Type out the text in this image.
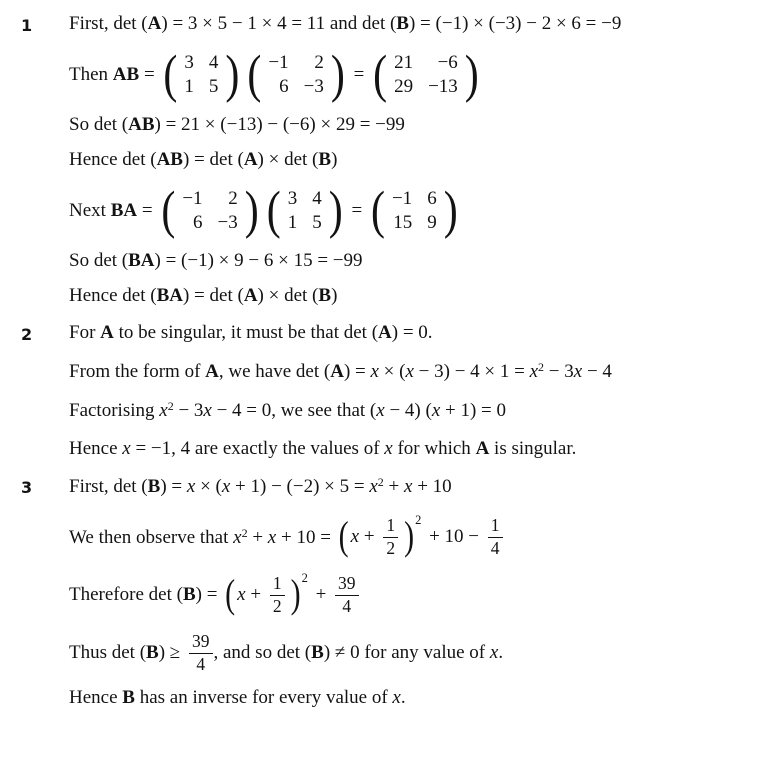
1	First, det (A) = 3 × 5 − 1 × 4 = 11 and det (B) = (−1) × (−3) − 2 × 6 = −9
Then AB = ( 3 4
1 5 ) ( −1 2
6 −3 ) = ( 21 −6
29 −13 )
So det (AB) = 21 × (−13) − (−6) × 29 = −99
Hence det (AB) = det (A) × det (B)
Next BA = ( −1 2
6 −3 ) ( 3 4
1 5 ) = ( −1 6
15 9 )
So det (BA) = (−1) × 9 − 6 × 15 = −99
Hence det (BA) = det (A) × det (B)
2	For A to be singular, it must be that det (A) = 0.
From the form of A, we have $\det (A) = x \times (x - 3) - 4 \times 1 = x^2 - 3x - 4$
Factorising $x^2 - 3x - 4 = 0$, we see that (x − 4) (x + 1) = 0
Hence x = −1, 4 are exactly the values of x for which A is singular.
3	First, $\det (B) = x \times (x + 1) - (-2) \times 5 = x^2 + x + 10$
We then observe that $x^2 + x + 10$ = ( $x + \frac{1}{2}$ ) 2
+ $10 - \frac{1}{4}$
Therefore det (B) = ( $x + \frac{1}{2}$ ) 2
+ $\frac{39}{4}$
Thus $\det (B) \ge \frac{39}{4}$ , and so det (B) ≠ 0 for any value of x.
Hence B has an inverse for every value of x.
